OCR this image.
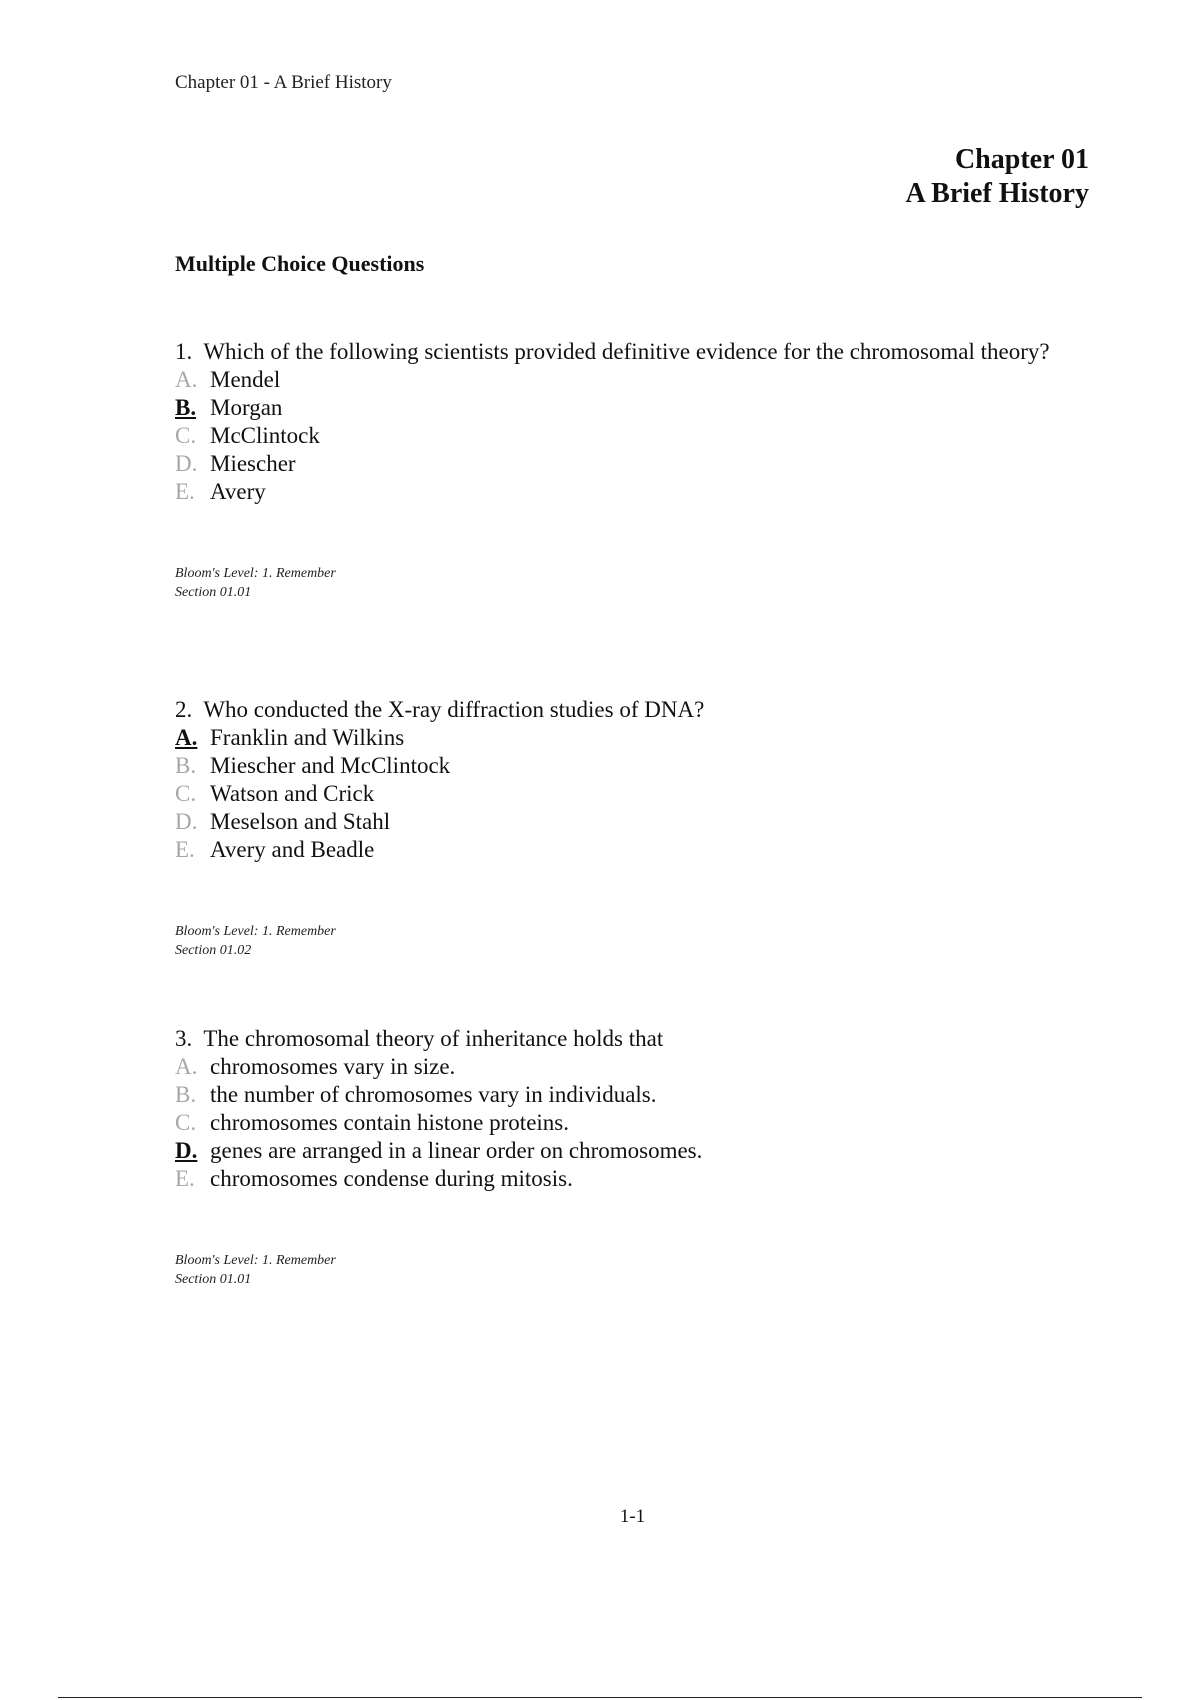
Chapter 01 - A Brief History
Chapter 01
A Brief History
Multiple Choice Questions

1. Which of the following scientists provided definitive evidence for the chromosomal theory?

A. Mendel
B. Morgan
C. McClintock
D. Miescher
E. Avery
Bloom's Level: 1. Remember
Section 01.01

2. Who conducted the X-ray diffraction studies of DNA?

A. Franklin and Wilkins
B. Miescher and McClintock
C. Watson and Crick
D. Meselson and Stahl
E. Avery and Beadle
Bloom's Level: 1. Remember
Section 01.02

3. The chromosomal theory of inheritance holds that

A. chromosomes vary in size.
B. the number of chromosomes vary in individuals.
C. chromosomes contain histone proteins.
D. genes are arranged in a linear order on chromosomes.
E. chromosomes condense during mitosis.
Bloom's Level: 1. Remember
Section 01.01
1-1
